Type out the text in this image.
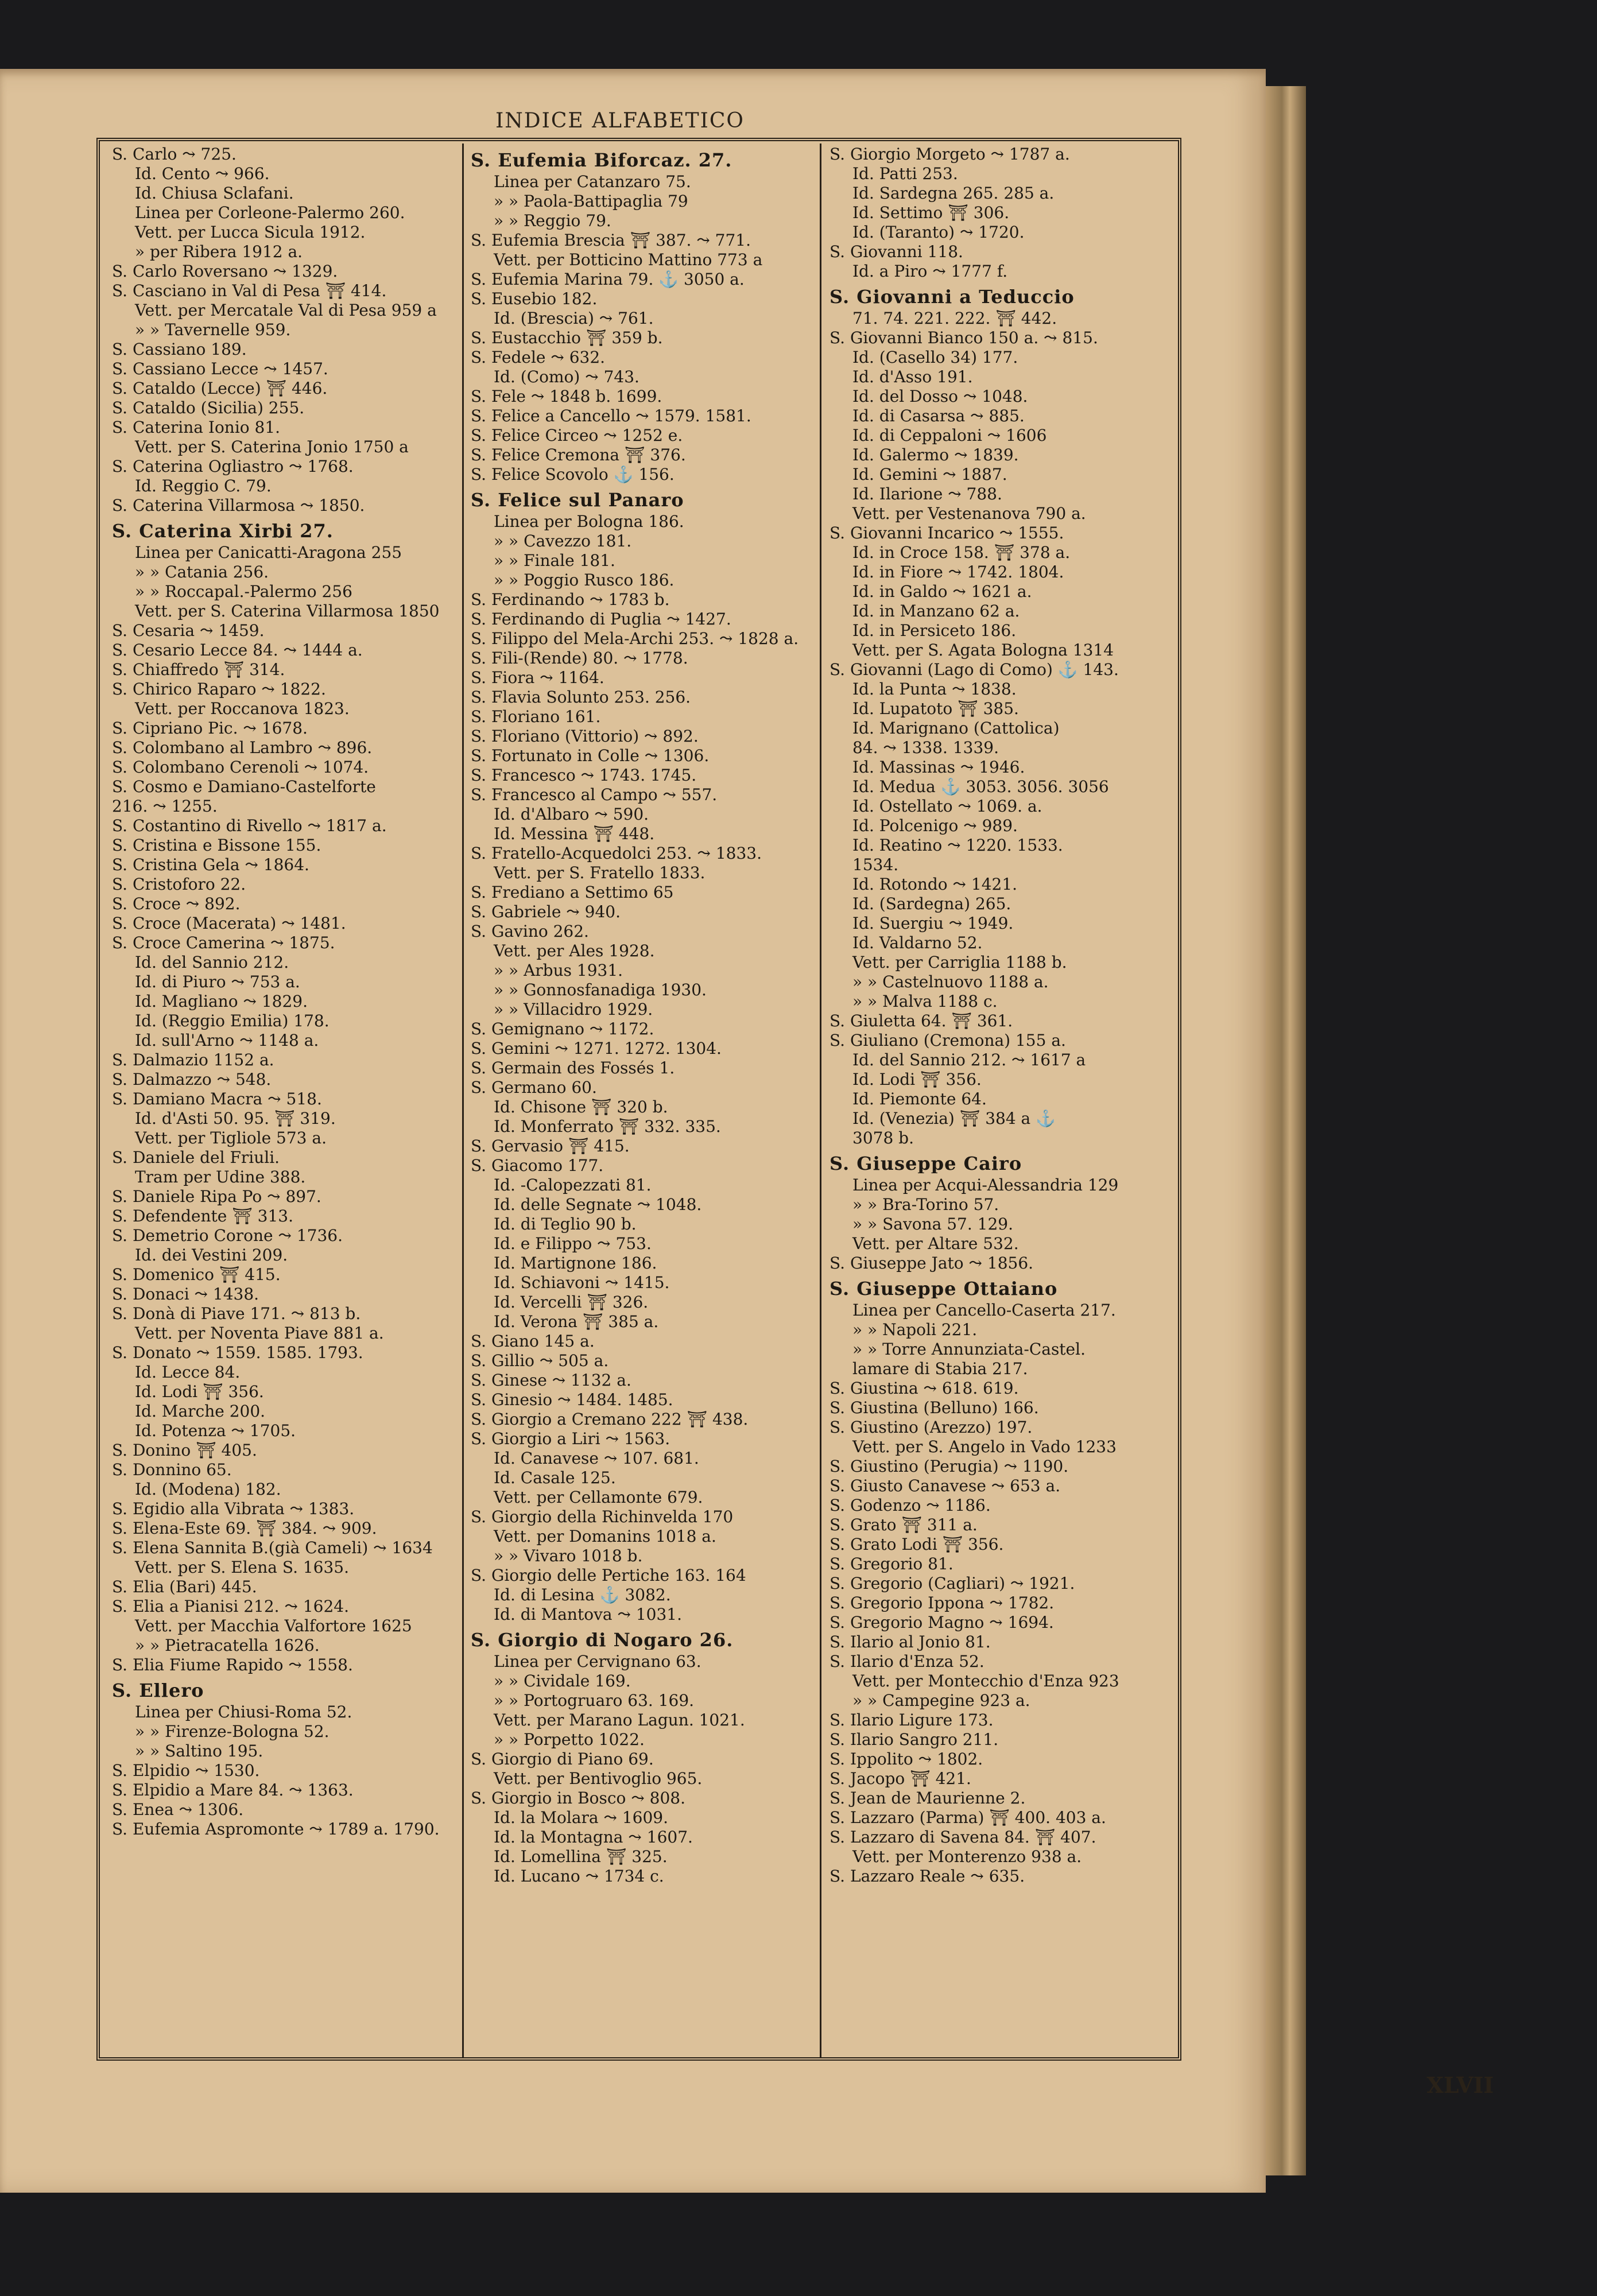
INDICE ALFABETICO
S. Carlo ⤳ 725.
Id. Cento ⤳ 966.
Id. Chiusa Sclafani.
Linea per Corleone-Palermo 260.
Vett. per Lucca Sicula 1912.
» per Ribera 1912 a.
S. Carlo Roversano ⤳ 1329.
S. Casciano in Val di Pesa ⛩ 414.
Vett. per Mercatale Val di Pesa 959 a
» » Tavernelle 959.
S. Cassiano 189.
S. Cassiano Lecce ⤳ 1457.
S. Cataldo (Lecce) ⛩ 446.
S. Cataldo (Sicilia) 255.
S. Caterina Ionio 81.
Vett. per S. Caterina Jonio 1750 a
S. Caterina Ogliastro ⤳ 1768.
Id. Reggio C. 79.
S. Caterina Villarmosa ⤳ 1850.
S. Caterina Xirbi 27.
Linea per Canicatti-Aragona 255
» » Catania 256.
» » Roccapal.-Palermo 256
Vett. per S. Caterina Villarmosa 1850
S. Cesaria ⤳ 1459.
S. Cesario Lecce 84. ⤳ 1444 a.
S. Chiaffredo ⛩ 314.
S. Chirico Raparo ⤳ 1822.
Vett. per Roccanova 1823.
S. Cipriano Pic. ⤳ 1678.
S. Colombano al Lambro ⤳ 896.
S. Colombano Cerenoli ⤳ 1074.
S. Cosmo e Damiano-Castelforte
216. ⤳ 1255.
S. Costantino di Rivello ⤳ 1817 a.
S. Cristina e Bissone 155.
S. Cristina Gela ⤳ 1864.
S. Cristoforo 22.
S. Croce ⤳ 892.
S. Croce (Macerata) ⤳ 1481.
S. Croce Camerina ⤳ 1875.
Id. del Sannio 212.
Id. di Piuro ⤳ 753 a.
Id. Magliano ⤳ 1829.
Id. (Reggio Emilia) 178.
Id. sull'Arno ⤳ 1148 a.
S. Dalmazio 1152 a.
S. Dalmazzo ⤳ 548.
S. Damiano Macra ⤳ 518.
Id. d'Asti 50. 95. ⛩ 319.
Vett. per Tigliole 573 a.
S. Daniele del Friuli.
Tram per Udine 388.
S. Daniele Ripa Po ⤳ 897.
S. Defendente ⛩ 313.
S. Demetrio Corone ⤳ 1736.
Id. dei Vestini 209.
S. Domenico ⛩ 415.
S. Donaci ⤳ 1438.
S. Donà di Piave 171. ⤳ 813 b.
Vett. per Noventa Piave 881 a.
S. Donato ⤳ 1559. 1585. 1793.
Id. Lecce 84.
Id. Lodi ⛩ 356.
Id. Marche 200.
Id. Potenza ⤳ 1705.
S. Donino ⛩ 405.
S. Donnino 65.
Id. (Modena) 182.
S. Egidio alla Vibrata ⤳ 1383.
S. Elena-Este 69. ⛩ 384. ⤳ 909.
S. Elena Sannita B.(già Cameli) ⤳ 1634
Vett. per S. Elena S. 1635.
S. Elia (Bari) 445.
S. Elia a Pianisi 212. ⤳ 1624.
Vett. per Macchia Valfortore 1625
» » Pietracatella 1626.
S. Elia Fiume Rapido ⤳ 1558.
S. Ellero
Linea per Chiusi-Roma 52.
» » Firenze-Bologna 52.
» » Saltino 195.
S. Elpidio ⤳ 1530.
S. Elpidio a Mare 84. ⤳ 1363.
S. Enea ⤳ 1306.
S. Eufemia Aspromonte ⤳ 1789 a. 1790.
S. Eufemia Biforcaz. 27.
Linea per Catanzaro 75.
» » Paola-Battipaglia 79
» » Reggio 79.
S. Eufemia Brescia ⛩ 387. ⤳ 771.
Vett. per Botticino Mattino 773 a
S. Eufemia Marina 79. ⚓ 3050 a.
S. Eusebio 182.
Id. (Brescia) ⤳ 761.
S. Eustacchio ⛩ 359 b.
S. Fedele ⤳ 632.
Id. (Como) ⤳ 743.
S. Fele ⤳ 1848 b. 1699.
S. Felice a Cancello ⤳ 1579. 1581.
S. Felice Circeo ⤳ 1252 e.
S. Felice Cremona ⛩ 376.
S. Felice Scovolo ⚓ 156.
S. Felice sul Panaro
Linea per Bologna 186.
» » Cavezzo 181.
» » Finale 181.
» » Poggio Rusco 186.
S. Ferdinando ⤳ 1783 b.
S. Ferdinando di Puglia ⤳ 1427.
S. Filippo del Mela-Archi 253. ⤳ 1828 a.
S. Fili-(Rende) 80. ⤳ 1778.
S. Fiora ⤳ 1164.
S. Flavia Solunto 253. 256.
S. Floriano 161.
S. Floriano (Vittorio) ⤳ 892.
S. Fortunato in Colle ⤳ 1306.
S. Francesco ⤳ 1743. 1745.
S. Francesco al Campo ⤳ 557.
Id. d'Albaro ⤳ 590.
Id. Messina ⛩ 448.
S. Fratello-Acquedolci 253. ⤳ 1833.
Vett. per S. Fratello 1833.
S. Frediano a Settimo 65
S. Gabriele ⤳ 940.
S. Gavino 262.
Vett. per Ales 1928.
» » Arbus 1931.
» » Gonnosfanadiga 1930.
» » Villacidro 1929.
S. Gemignano ⤳ 1172.
S. Gemini ⤳ 1271. 1272. 1304.
S. Germain des Fossés 1.
S. Germano 60.
Id. Chisone ⛩ 320 b.
Id. Monferrato ⛩ 332. 335.
S. Gervasio ⛩ 415.
S. Giacomo 177.
Id. -Calopezzati 81.
Id. delle Segnate ⤳ 1048.
Id. di Teglio 90 b.
Id. e Filippo ⤳ 753.
Id. Martignone 186.
Id. Schiavoni ⤳ 1415.
Id. Vercelli ⛩ 326.
Id. Verona ⛩ 385 a.
S. Giano 145 a.
S. Gillio ⤳ 505 a.
S. Ginese ⤳ 1132 a.
S. Ginesio ⤳ 1484. 1485.
S. Giorgio a Cremano 222 ⛩ 438.
S. Giorgio a Liri ⤳ 1563.
Id. Canavese ⤳ 107. 681.
Id. Casale 125.
Vett. per Cellamonte 679.
S. Giorgio della Richinvelda 170
Vett. per Domanins 1018 a.
» » Vivaro 1018 b.
S. Giorgio delle Pertiche 163. 164
Id. di Lesina ⚓ 3082.
Id. di Mantova ⤳ 1031.
S. Giorgio di Nogaro 26.
Linea per Cervignano 63.
» » Cividale 169.
» » Portogruaro 63. 169.
Vett. per Marano Lagun. 1021.
» » Porpetto 1022.
S. Giorgio di Piano 69.
Vett. per Bentivoglio 965.
S. Giorgio in Bosco ⤳ 808.
Id. la Molara ⤳ 1609.
Id. la Montagna ⤳ 1607.
Id. Lomellina ⛩ 325.
Id. Lucano ⤳ 1734 c.
S. Giorgio Morgeto ⤳ 1787 a.
Id. Patti 253.
Id. Sardegna 265. 285 a.
Id. Settimo ⛩ 306.
Id. (Taranto) ⤳ 1720.
S. Giovanni 118.
Id. a Piro ⤳ 1777 f.
S. Giovanni a Teduccio
71. 74. 221. 222. ⛩ 442.
S. Giovanni Bianco 150 a. ⤳ 815.
Id. (Casello 34) 177.
Id. d'Asso 191.
Id. del Dosso ⤳ 1048.
Id. di Casarsa ⤳ 885.
Id. di Ceppaloni ⤳ 1606
Id. Galermo ⤳ 1839.
Id. Gemini ⤳ 1887.
Id. Ilarione ⤳ 788.
Vett. per Vestenanova 790 a.
S. Giovanni Incarico ⤳ 1555.
Id. in Croce 158. ⛩ 378 a.
Id. in Fiore ⤳ 1742. 1804.
Id. in Galdo ⤳ 1621 a.
Id. in Manzano 62 a.
Id. in Persiceto 186.
Vett. per S. Agata Bologna 1314
S. Giovanni (Lago di Como) ⚓ 143.
Id. la Punta ⤳ 1838.
Id. Lupatoto ⛩ 385.
Id. Marignano (Cattolica)
84. ⤳ 1338. 1339.
Id. Massinas ⤳ 1946.
Id. Medua ⚓ 3053. 3056. 3056
Id. Ostellato ⤳ 1069. a.
Id. Polcenigo ⤳ 989.
Id. Reatino ⤳ 1220. 1533.
1534.
Id. Rotondo ⤳ 1421.
Id. (Sardegna) 265.
Id. Suergiu ⤳ 1949.
Id. Valdarno 52.
Vett. per Carriglia 1188 b.
» » Castelnuovo 1188 a.
» » Malva 1188 c.
S. Giuletta 64. ⛩ 361.
S. Giuliano (Cremona) 155 a.
Id. del Sannio 212. ⤳ 1617 a
Id. Lodi ⛩ 356.
Id. Piemonte 64.
Id. (Venezia) ⛩ 384 a ⚓
3078 b.
S. Giuseppe Cairo
Linea per Acqui-Alessandria 129
» » Bra-Torino 57.
» » Savona 57. 129.
Vett. per Altare 532.
S. Giuseppe Jato ⤳ 1856.
S. Giuseppe Ottaiano
Linea per Cancello-Caserta 217.
» » Napoli 221.
» » Torre Annunziata-Castel.
lamare di Stabia 217.
S. Giustina ⤳ 618. 619.
S. Giustina (Belluno) 166.
S. Giustino (Arezzo) 197.
Vett. per S. Angelo in Vado 1233
S. Giustino (Perugia) ⤳ 1190.
S. Giusto Canavese ⤳ 653 a.
S. Godenzo ⤳ 1186.
S. Grato ⛩ 311 a.
S. Grato Lodi ⛩ 356.
S. Gregorio 81.
S. Gregorio (Cagliari) ⤳ 1921.
S. Gregorio Ippona ⤳ 1782.
S. Gregorio Magno ⤳ 1694.
S. Ilario al Jonio 81.
S. Ilario d'Enza 52.
Vett. per Montecchio d'Enza 923
» » Campegine 923 a.
S. Ilario Ligure 173.
S. Ilario Sangro 211.
S. Ippolito ⤳ 1802.
S. Jacopo ⛩ 421.
S. Jean de Maurienne 2.
S. Lazzaro (Parma) ⛩ 400. 403 a.
S. Lazzaro di Savena 84. ⛩ 407.
Vett. per Monterenzo 938 a.
S. Lazzaro Reale ⤳ 635.
XLVII
